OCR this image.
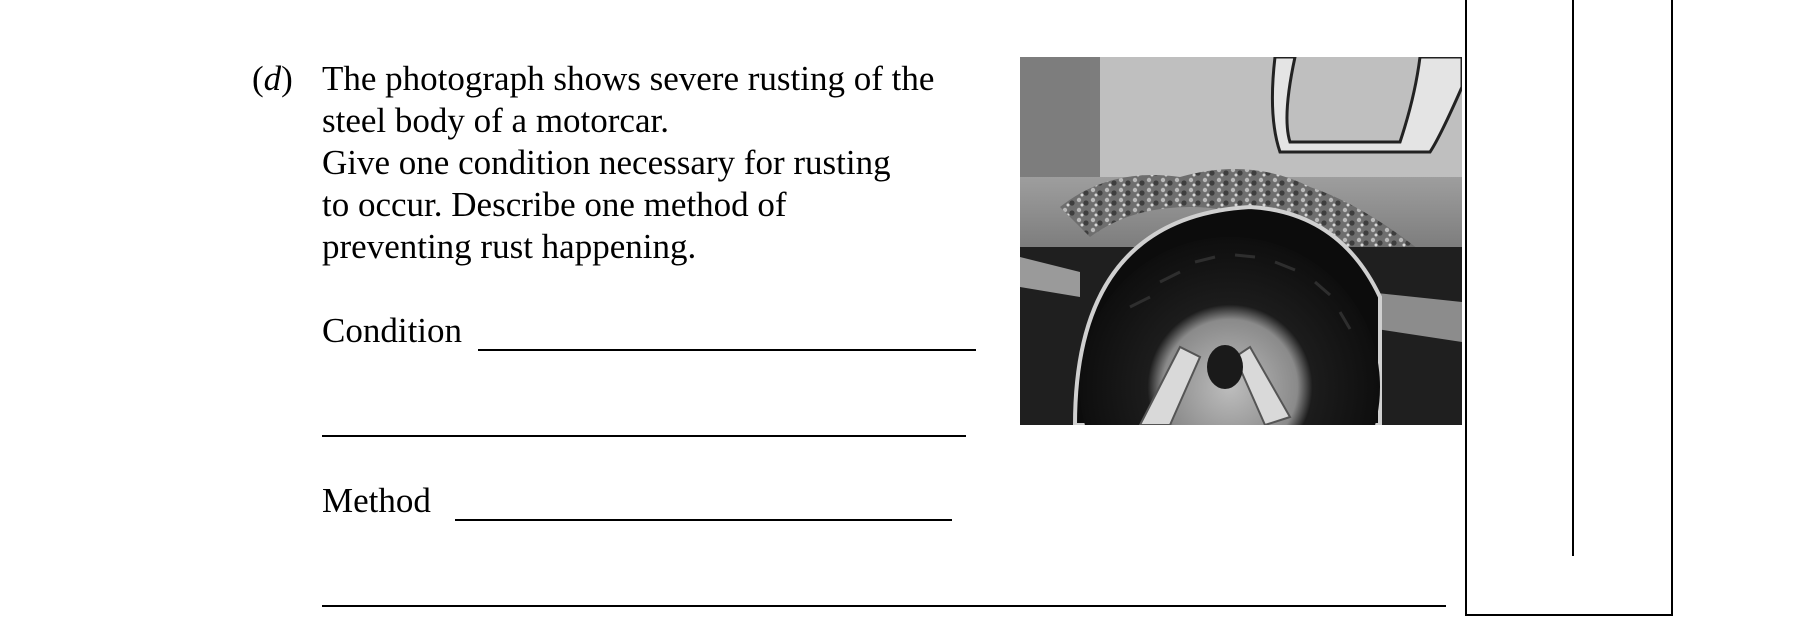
(d) The photograph shows severe rusting of the
steel body of a motorcar.
Give one condition necessary for rusting
to occur. Describe one method of
preventing rust happening.
Condition
Method
